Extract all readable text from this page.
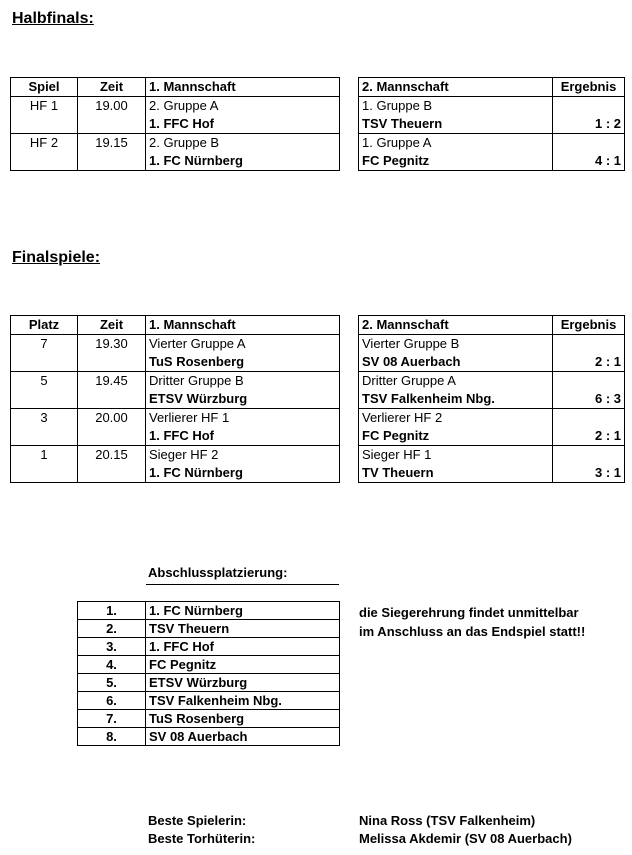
Halbfinals:
Spiel	Zeit	1. Mannschaft		2. Mannschaft	Ergebnis
HF 1	19.00	2. Gruppe A		1. Gruppe B	
		1. FFC Hof		TSV Theuern	1 : 2
HF 2	19.15	2. Gruppe B		1. Gruppe A	
		1. FC Nürnberg		FC Pegnitz	4 : 1
Finalspiele:
Platz	Zeit	1. Mannschaft		2. Mannschaft	Ergebnis
7	19.30	Vierter Gruppe A		Vierter Gruppe B	
		TuS Rosenberg		SV 08 Auerbach	2 : 1
5	19.45	Dritter Gruppe B		Dritter Gruppe A	
		ETSV Würzburg		TSV Falkenheim Nbg.	6 : 3
3	20.00	Verlierer HF 1		Verlierer HF 2	
		1. FFC Hof		FC Pegnitz	2 : 1
1	20.15	Sieger HF 2		Sieger HF 1	
		1. FC Nürnberg		TV Theuern	3 : 1
Abschlussplatzierung:
1.	1. FC Nürnberg
2.	TSV Theuern
3.	1. FFC Hof
4.	FC Pegnitz
5.	ETSV Würzburg
6.	TSV Falkenheim Nbg.
7.	TuS Rosenberg
8.	SV 08 Auerbach
die Siegerehrung findet unmittelbar
im Anschluss an das Endspiel statt!!
Beste Spielerin:	Nina Ross (TSV Falkenheim)
Beste Torhüterin:	Melissa Akdemir (SV 08 Auerbach)
